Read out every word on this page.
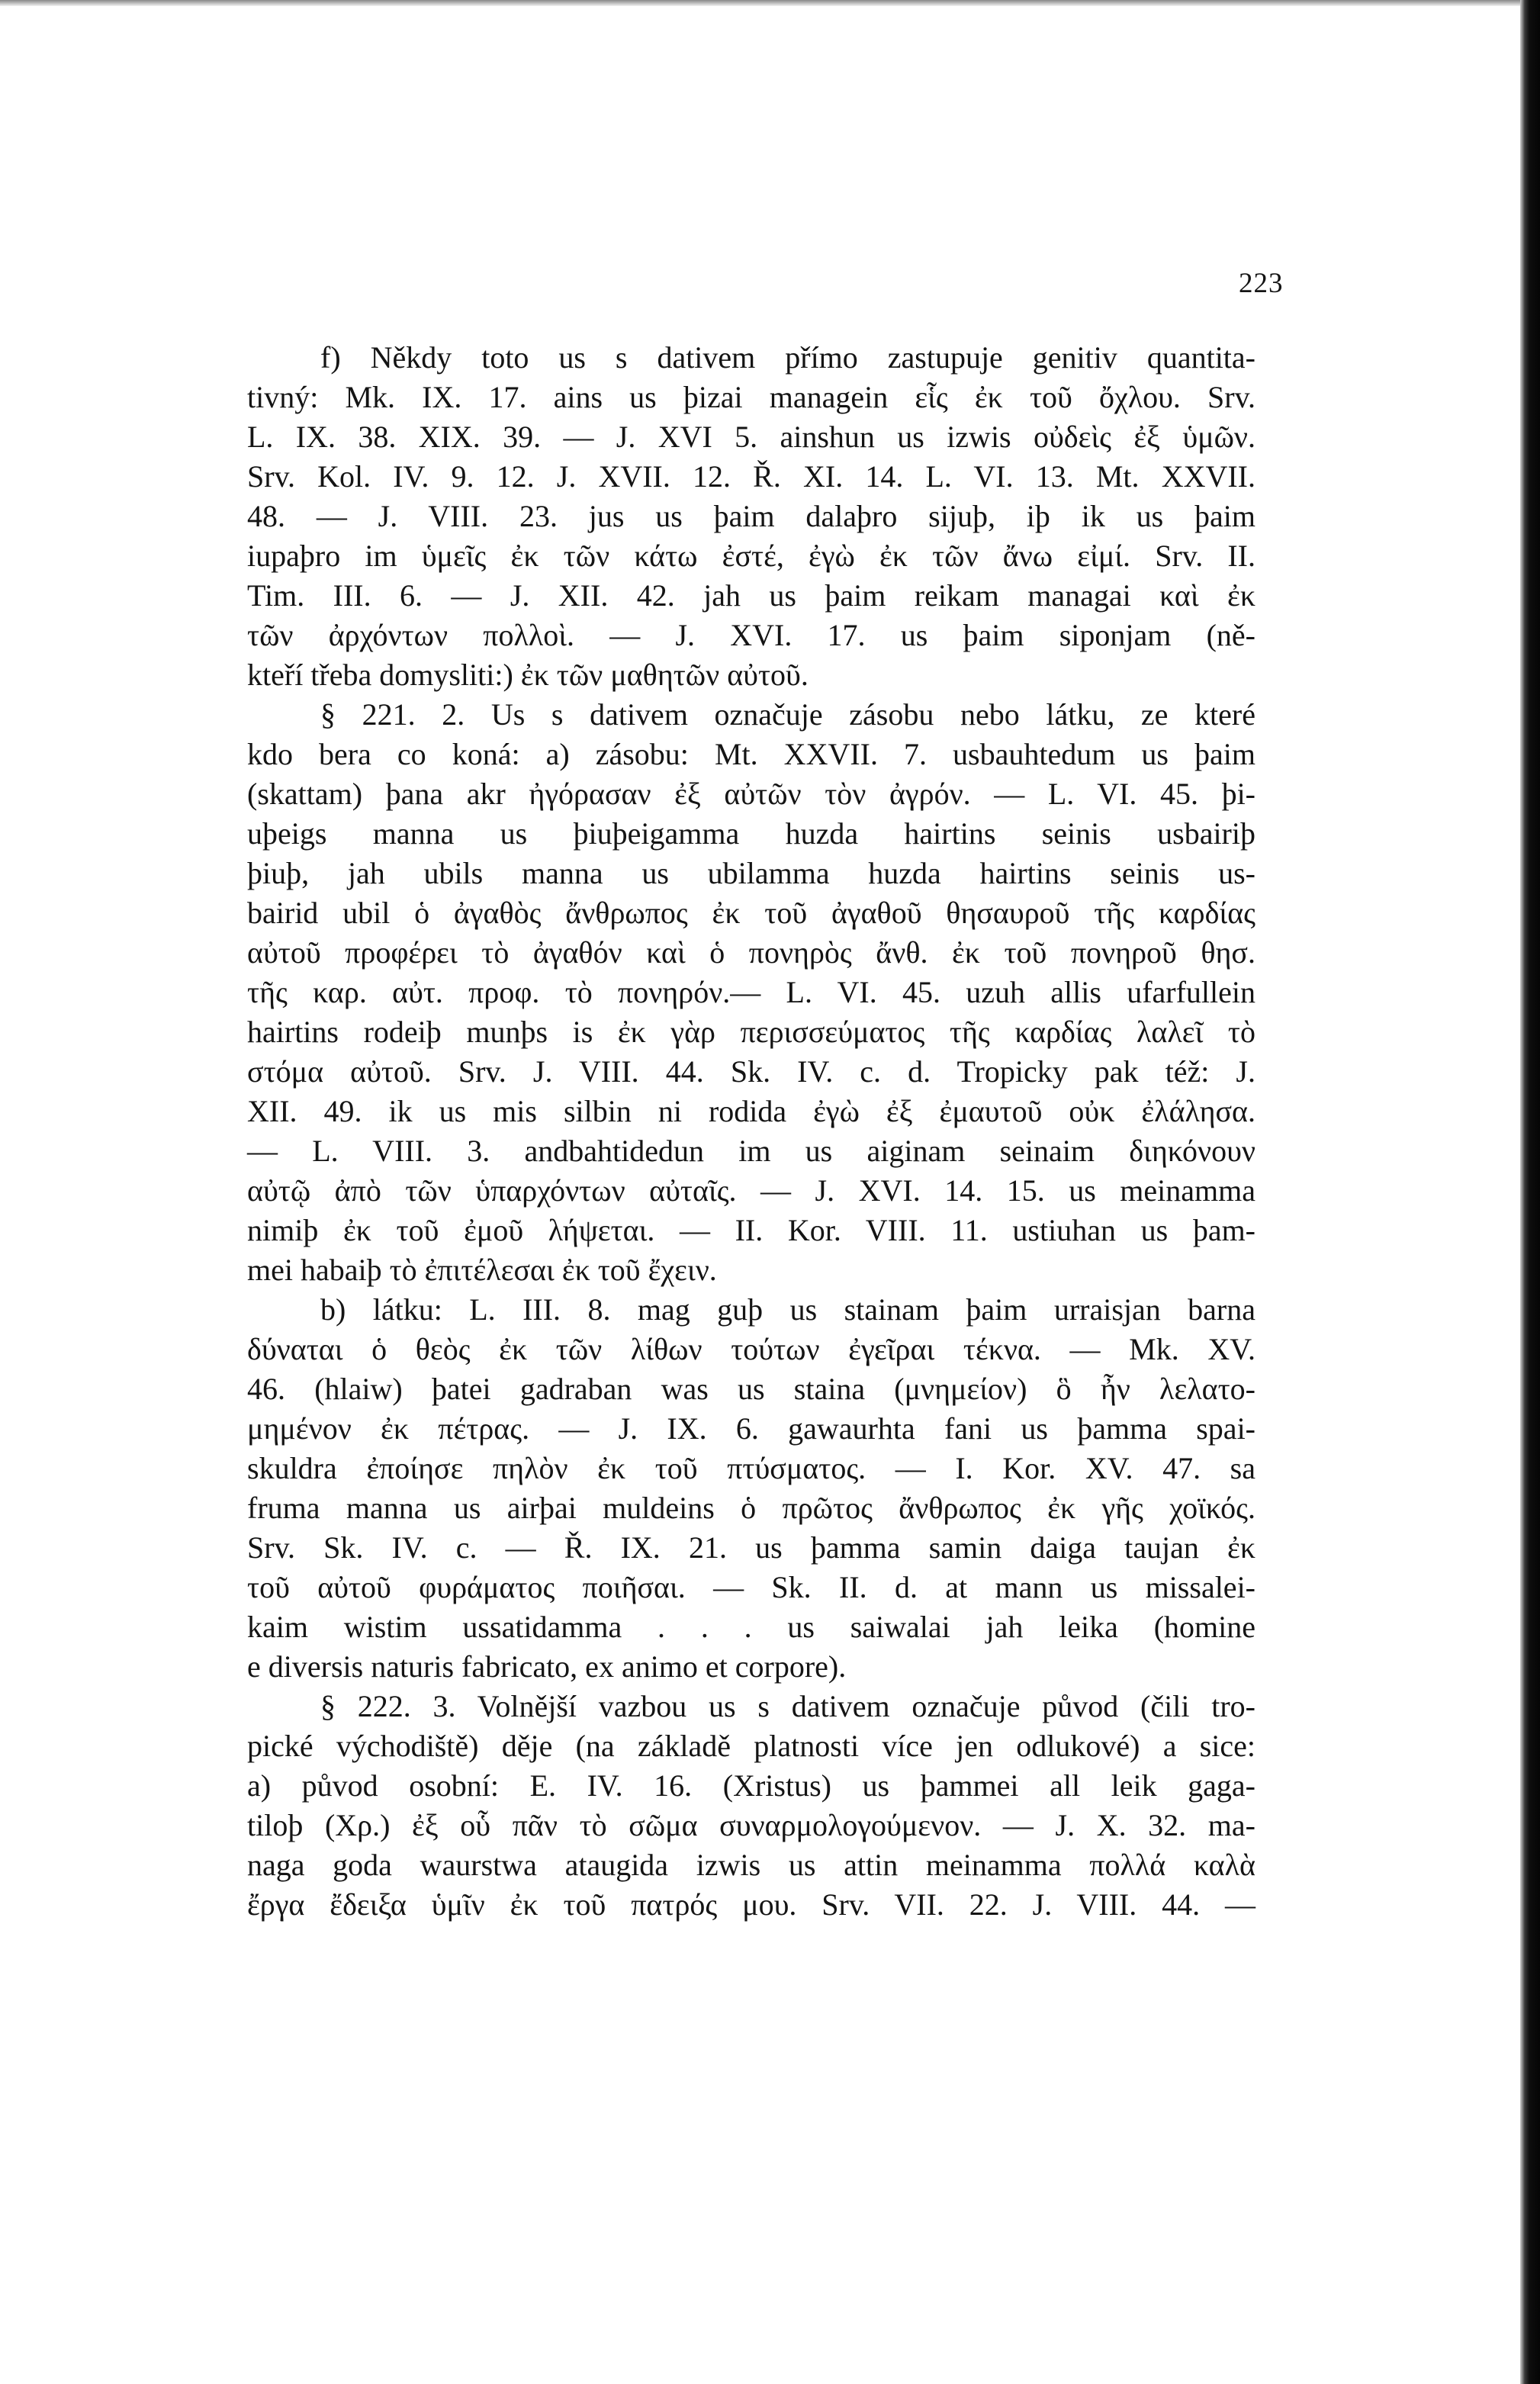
223
f) Někdy toto us s dativem přímo zastupuje genitiv quantita-
tivný: Mk. IX. 17. ains us þizai managein εἷς ἐκ τοῦ ὄχλου. Srv.
L. IX. 38. XIX. 39. — J. XVI 5. ainshun us izwis οὐδεὶς ἐξ ὑμῶν.
Srv. Kol. IV. 9. 12. J. XVII. 12. Ř. XI. 14. L. VI. 13. Mt. XXVII.
48. — J. VIII. 23. jus us þaim dalaþro sijuþ, iþ ik us þaim
iupaþro im ὑμεῖς ἐκ τῶν κάτω ἐστέ, ἐγὼ ἐκ τῶν ἄνω εἰμί. Srv. II.
Tim. III. 6. — J. XII. 42. jah us þaim reikam managai καὶ ἐκ
τῶν ἀρχόντων πολλοὶ. — J. XVI. 17. us þaim siponjam (ně-
kteří třeba domysliti:) ἐκ τῶν μαθητῶν αὐτοῦ.
§ 221. 2. Us s dativem označuje zásobu nebo látku, ze které
kdo bera co koná: a) zásobu: Mt. XXVII. 7. usbauhtedum us þaim
(skattam) þana akr ἠγόρασαν ἐξ αὐτῶν τὸν ἀγρόν. — L. VI. 45. þi-
uþeigs manna us þiuþeigamma huzda hairtins seinis usbairiþ
þiuþ, jah ubils manna us ubilamma huzda hairtins seinis us-
bairid ubil ὁ ἀγαθὸς ἄνθρωπος ἐκ τοῦ ἀγαθοῦ θησαυροῦ τῆς καρδίας
αὐτοῦ προφέρει τὸ ἀγαθόν καὶ ὁ πονηρὸς ἄνθ. ἐκ τοῦ πονηροῦ θησ.
τῆς καρ. αὐτ. προφ. τὸ πονηρόν.— L. VI. 45. uzuh allis ufarfullein
hairtins rodeiþ munþs is ἐκ γὰρ περισσεύματος τῆς καρδίας λαλεῖ τὸ
στόμα αὐτοῦ. Srv. J. VIII. 44. Sk. IV. c. d. Tropicky pak též: J.
XII. 49. ik us mis silbin ni rodida ἐγὼ ἐξ ἐμαυτοῦ οὐκ ἐλάλησα.
— L. VIII. 3. andbahtidedun im us aiginam seinaim διηκόνουν
αὐτῷ ἀπὸ τῶν ὑπαρχόντων αὐταῖς. — J. XVI. 14. 15. us meinamma
nimiþ ἐκ τοῦ ἐμοῦ λήψεται. — II. Kor. VIII. 11. ustiuhan us þam-
mei habaiþ τὸ ἐπιτέλεσαι ἐκ τοῦ ἔχειν.
b) látku: L. III. 8. mag guþ us stainam þaim urraisjan barna
δύναται ὁ θεὸς ἐκ τῶν λίθων τούτων ἐγεῖραι τέκνα. — Mk. XV.
46. (hlaiw) þatei gadraban was us staina (μνημείον) ὃ ἦν λελατο-
μημένον ἐκ πέτρας. — J. IX. 6. gawaurhta fani us þamma spai-
skuldra ἐποίησε πηλὸν ἐκ τοῦ πτύσματος. — I. Kor. XV. 47. sa
fruma manna us airþai muldeins ὁ πρῶτος ἄνθρωπος ἐκ γῆς χοϊκός.
Srv. Sk. IV. c. — Ř. IX. 21. us þamma samin daiga taujan ἐκ
τοῦ αὐτοῦ φυράματος ποιῆσαι. — Sk. II. d. at mann us missalei-
kaim wistim ussatidamma . . . us saiwalai jah leika (homine
e diversis naturis fabricato, ex animo et corpore).
§ 222. 3. Volnější vazbou us s dativem označuje původ (čili tro-
pické východiště) děje (na základě platnosti více jen odlukové) a sice:
a) původ osobní: E. IV. 16. (Xristus) us þammei all leik gaga-
tiloþ (Χρ.) ἐξ οὗ πᾶν τὸ σῶμα συναρμολογούμενον. — J. X. 32. ma-
naga goda waurstwa ataugida izwis us attin meinamma πολλά καλὰ
ἔργα ἔδειξα ὑμῖν ἐκ τοῦ πατρός μου. Srv. VII. 22. J. VIII. 44. —
